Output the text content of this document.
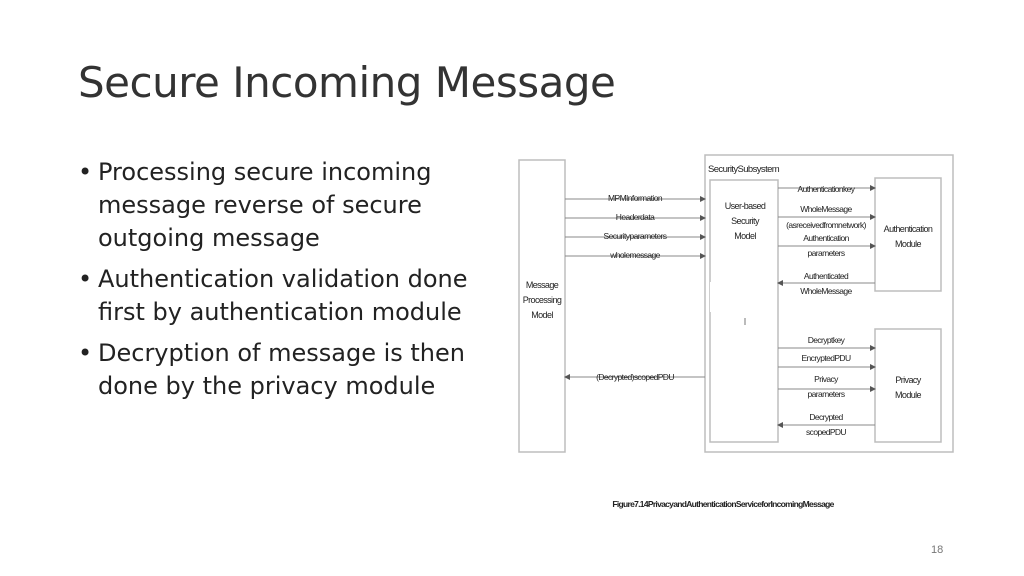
Secure Incoming Message
• Processing secure incoming message reverse of secure outgoing message
• Authentication validation done first by authentication module
• Decryption of message is then done by the privacy module
SecuritySubsystem
Message
Processing
Model
User-based
Security
Model
Authentication
Module
Privacy
Module
MPMInformation
Headerdata
Securityparameters
wholemessage
(Decrypted)scopedPDU
Authenticationkey
WholeMessage
(asreceivedfromnetwork)
Authentication
parameters
Authenticated
WholeMessage
Decryptkey
EncryptedPDU
Privacy
parameters
Decrypted
scopedPDU
Figure7.14PrivacyandAuthenticationServiceforIncomingMessage
18
